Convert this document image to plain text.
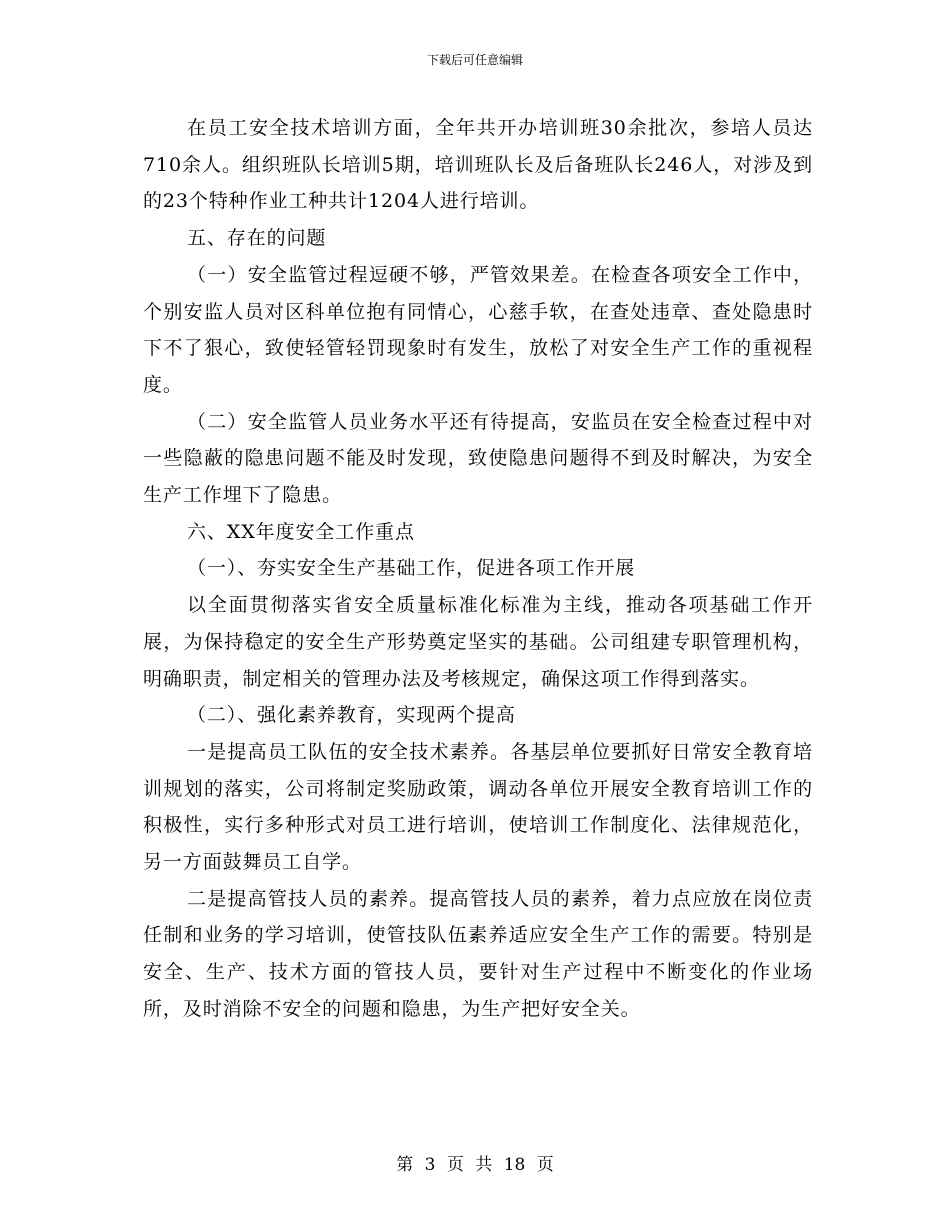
下载后可任意编辑

在员工安全技术培训方面，全年共开办培训班30余批次，参培人员达710余人。组织班队长培训5期，培训班队长及后备班队长246人，对涉及到的23个特种作业工种共计1204人进行培训。

五、存在的问题

（一）安全监管过程逗硬不够，严管效果差。在检查各项安全工作中，个别安监人员对区科单位抱有同情心，心慈手软，在查处违章、查处隐患时下不了狠心，致使轻管轻罚现象时有发生，放松了对安全生产工作的重视程度。

（二）安全监管人员业务水平还有待提高，安监员在安全检查过程中对一些隐蔽的隐患问题不能及时发现，致使隐患问题得不到及时解决，为安全生产工作埋下了隐患。

六、XX年度安全工作重点

（一）、夯实安全生产基础工作，促进各项工作开展

以全面贯彻落实省安全质量标准化标准为主线，推动各项基础工作开展，为保持稳定的安全生产形势奠定坚实的基础。公司组建专职管理机构，明确职责，制定相关的管理办法及考核规定，确保这项工作得到落实。

（二）、强化素养教育，实现两个提高

一是提高员工队伍的安全技术素养。各基层单位要抓好日常安全教育培训规划的落实，公司将制定奖励政策，调动各单位开展安全教育培训工作的积极性，实行多种形式对员工进行培训，使培训工作制度化、法律规范化，另一方面鼓舞员工自学。

二是提高管技人员的素养。提高管技人员的素养，着力点应放在岗位责任制和业务的学习培训，使管技队伍素养适应安全生产工作的需要。特别是安全、生产、技术方面的管技人员，要针对生产过程中不断变化的作业场所，及时消除不安全的问题和隐患，为生产把好安全关。

第 3 页 共 18 页
